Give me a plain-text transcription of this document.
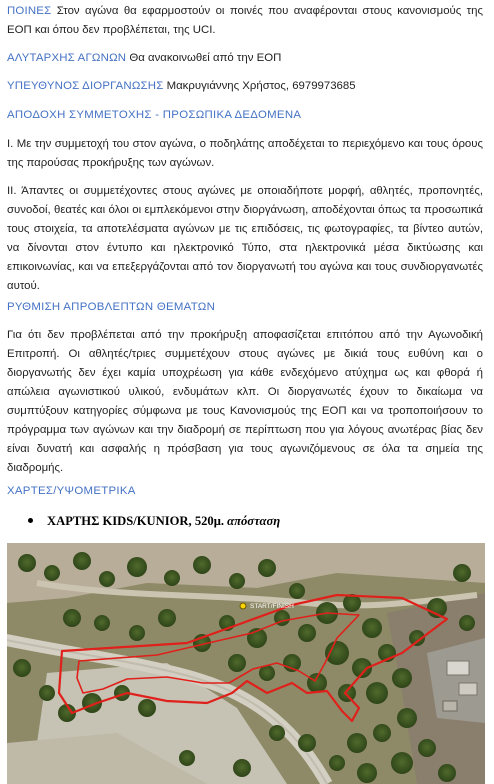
ΠΟΙΝΕΣ Στον αγώνα θα εφαρμοστούν οι ποινές που αναφέρονται στους κανονισμούς της ΕΟΠ και όπου δεν προβλέπεται, της UCI.

ΑΛΥΤΑΡΧΗΣ ΑΓΩΝΩΝ Θα ανακοινωθεί από την ΕΟΠ

ΥΠΕΥΘΥΝΟΣ ΔΙΟΡΓΑΝΩΣΗΣ Μακρυγιάννης Χρήστος, 6979973685

ΑΠΟΔΟΧΗ ΣΥΜΜΕΤΟΧΗΣ - ΠΡΟΣΩΠΙΚΑ ΔΕΔΟΜΕΝΑ

Ι. Με την συμμετοχή του στον αγώνα, ο ποδηλάτης αποδέχεται το περιεχόμενο και τους όρους της παρούσας προκήρυξης των αγώνων.

ΙΙ. Άπαντες οι συμμετέχοντες στους αγώνες με οποιαδήποτε μορφή, αθλητές, προπονητές, συνοδοί, θεατές και όλοι οι εμπλεκόμενοι στην διοργάνωση, αποδέχονται όπως τα προσωπικά τους στοιχεία, τα αποτελέσματα αγώνων με τις επιδόσεις, τις φωτογραφίες, τα βίντεο αυτών, να δίνονται στον έντυπο και ηλεκτρονικό Τύπο, στα ηλεκτρονικά μέσα δικτύωσης και επικοινωνίας, και να επεξεργάζονται από τον διοργανωτή του αγώνα και τους συνδιοργανωτές αυτού.

ΡΥΘΜΙΣΗ ΑΠΡΟΒΛΕΠΤΩΝ ΘΕΜΑΤΩΝ

Για ότι δεν προβλέπεται από την προκήρυξη αποφασίζεται επιτόπου από την Αγωνοδική Επιτροπή. Οι αθλητές/τριες συμμετέχουν στους αγώνες με δικιά τους ευθύνη και ο διοργανωτής δεν έχει καμία υποχρέωση για κάθε ενδεχόμενο ατύχημα ως και φθορά ή απώλεια αγωνιστικού υλικού, ενδυμάτων κλπ. Οι διοργανωτές έχουν το δικαίωμα να συμπτύξουν κατηγορίες σύμφωνα με τους Κανονισμούς της ΕΟΠ και να τροποποιήσουν το πρόγραμμα των αγώνων και την διαδρομή σε περίπτωση που για λόγους ανωτέρας βίας δεν είναι δυνατή και ασφαλής η πρόσβαση για τους αγωνιζόμενους σε όλα τα σημεία της διαδρομής.

ΧΑΡΤΕΣ/ΥΨΟΜΕΤΡΙΚΑ

ΧΑΡΤΗΣ KIDS/KUNIOR, 520μ. απόσταση
START/FINISH
